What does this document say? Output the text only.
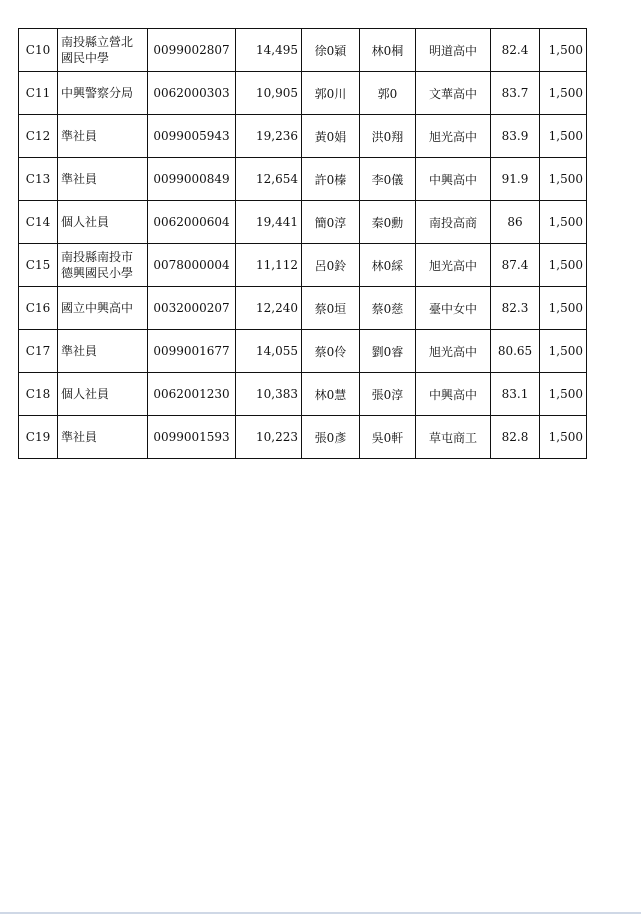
C10	南投縣立營北國民中學	0099002807	14,495	徐0穎	林0桐	明道高中	82.4	1,500
C11	中興警察分局	0062000303	10,905	郭0川	郭0	文華高中	83.7	1,500
C12	準社員	0099005943	19,236	黃0娟	洪0翔	旭光高中	83.9	1,500
C13	準社員	0099000849	12,654	許0榛	李0儀	中興高中	91.9	1,500
C14	個人社員	0062000604	19,441	簡0淳	秦0勳	南投高商	86	1,500
C15	南投縣南投市德興國民小學	0078000004	11,112	呂0鈴	林0綵	旭光高中	87.4	1,500
C16	國立中興高中	0032000207	12,240	蔡0垣	蔡0慈	臺中女中	82.3	1,500
C17	準社員	0099001677	14,055	蔡0伶	劉0睿	旭光高中	80.65	1,500
C18	個人社員	0062001230	10,383	林0慧	張0淳	中興高中	83.1	1,500
C19	準社員	0099001593	10,223	張0彥	吳0軒	草屯商工	82.8	1,500
